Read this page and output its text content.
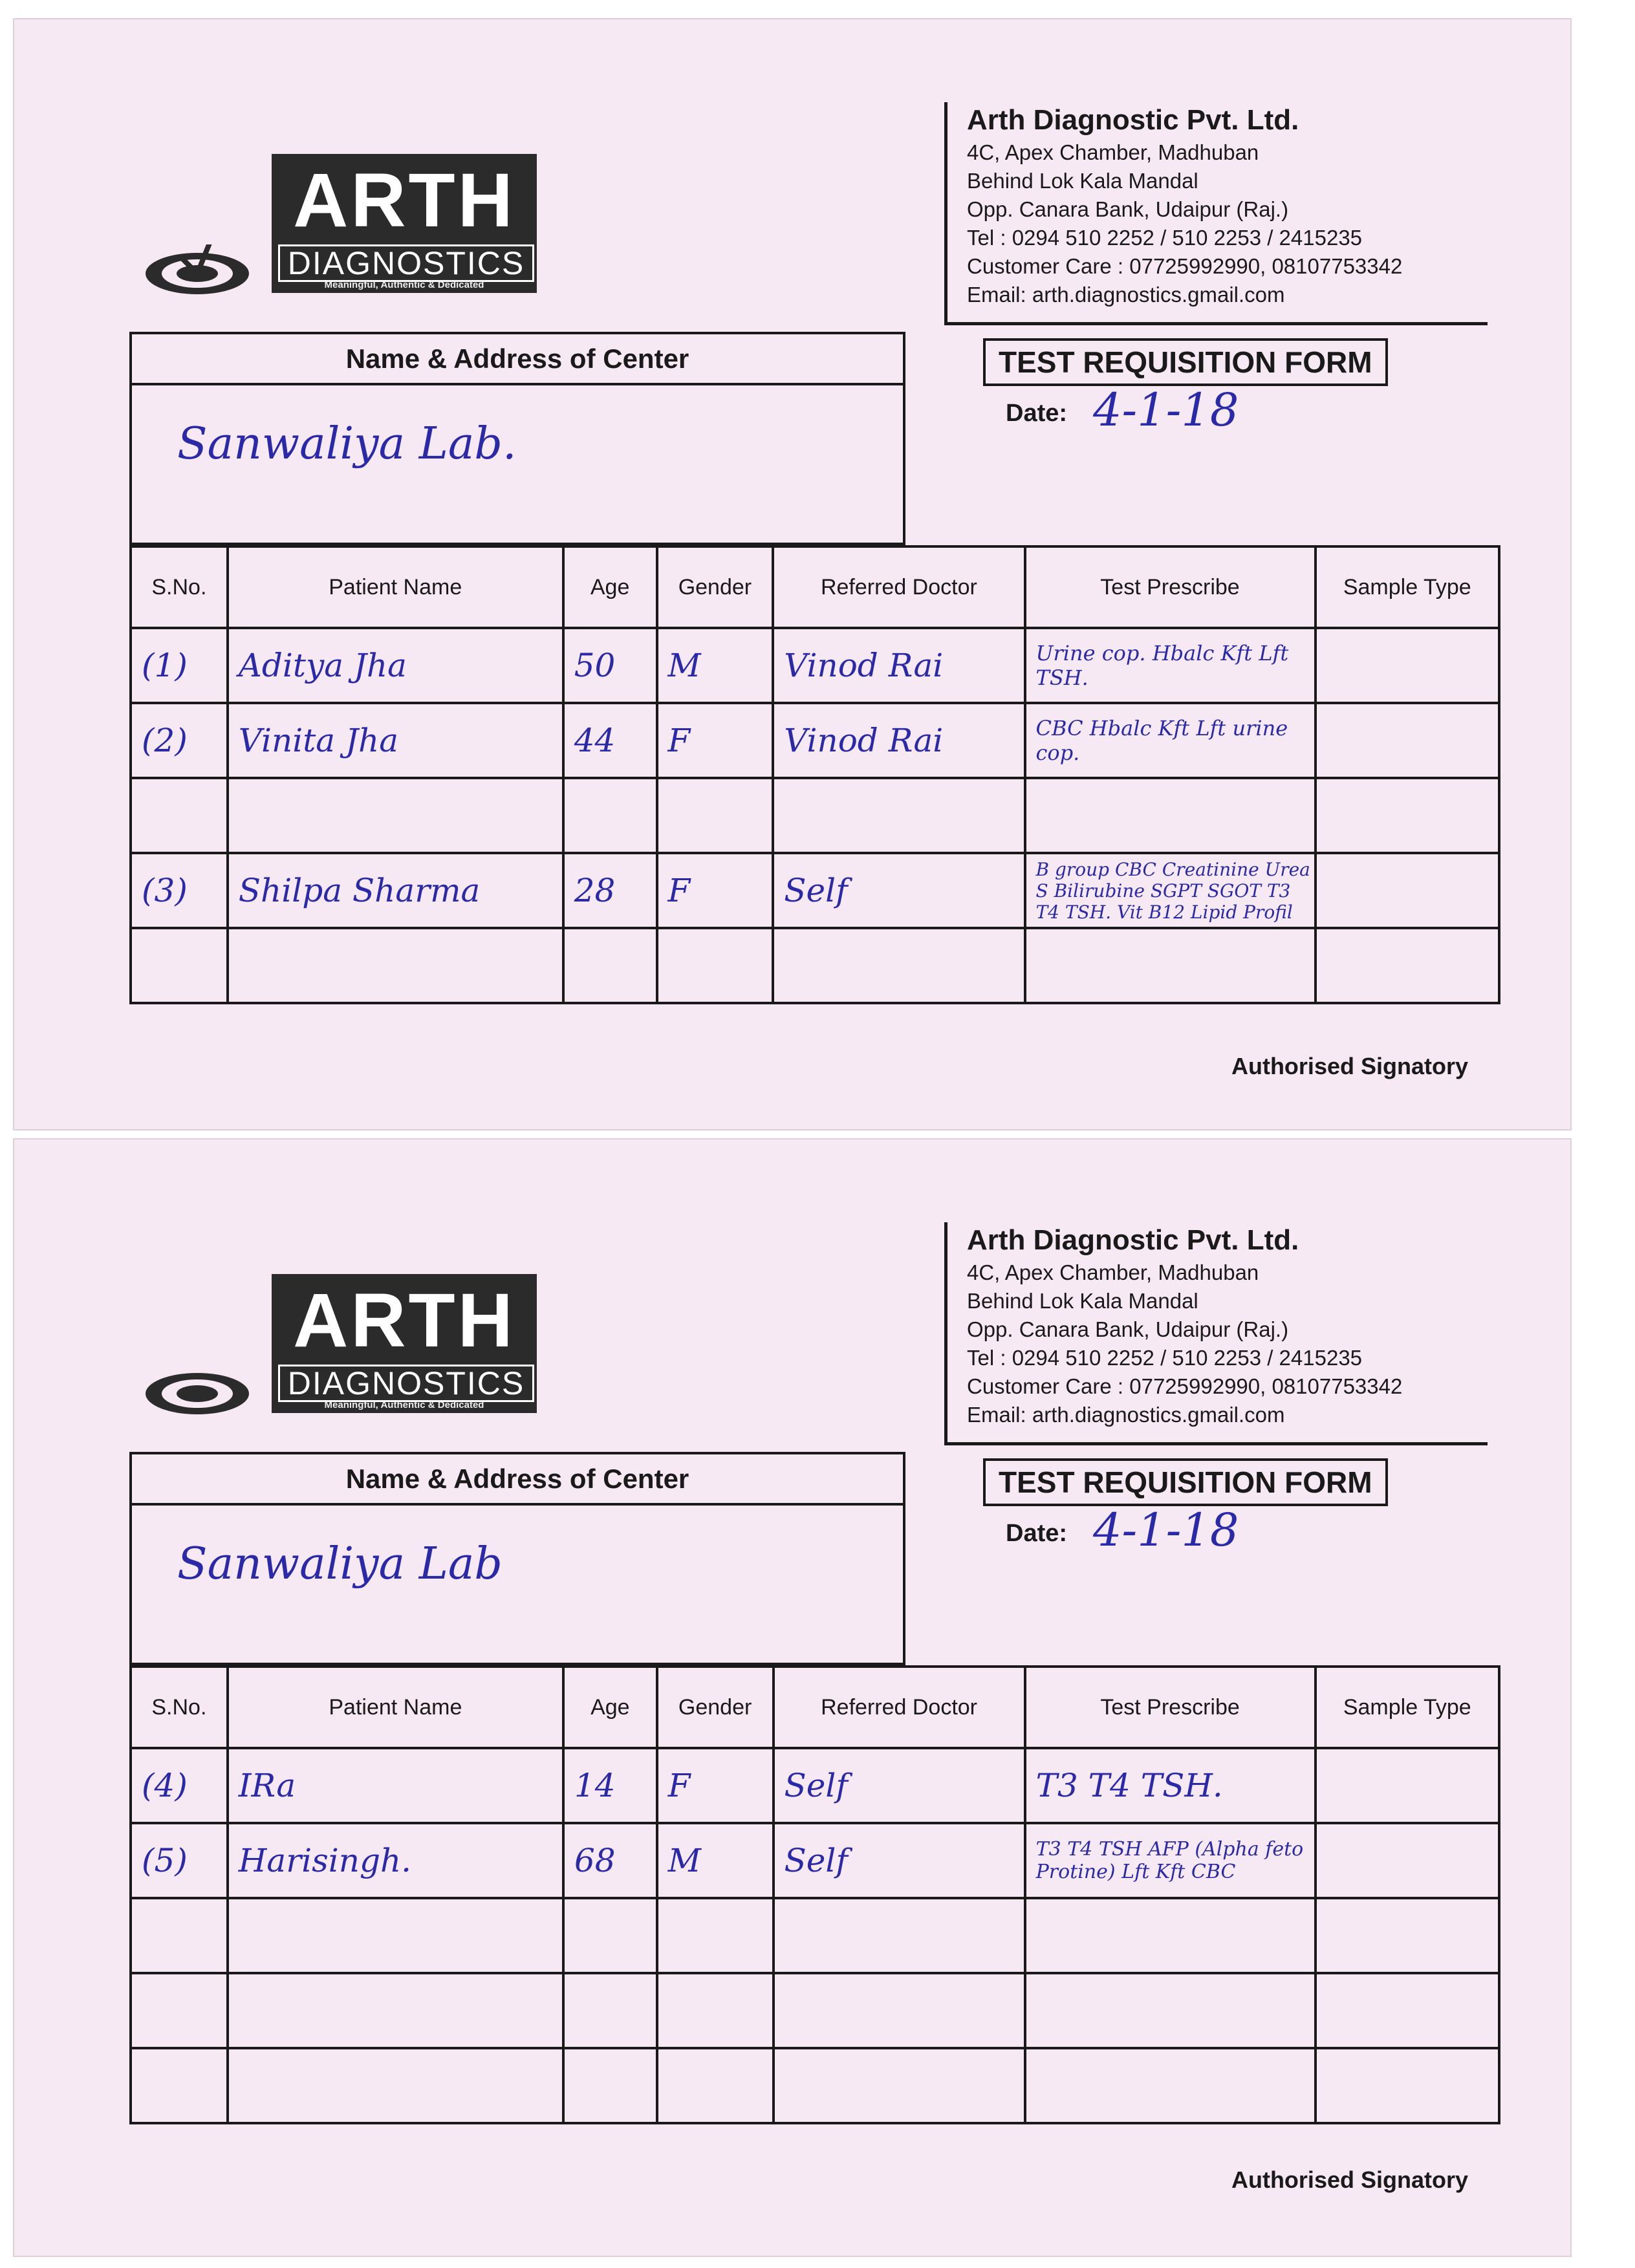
ARTH
DIAGNOSTICS
Meaningful, Authentic & Dedicated
Arth Diagnostic Pvt. Ltd.
4C, Apex Chamber, Madhuban
Behind Lok Kala Mandal
Opp. Canara Bank, Udaipur (Raj.)
Tel : 0294 510 2252 / 510 2253 / 2415235
Customer Care : 07725992990, 08107753342
Email: arth.diagnostics.gmail.com
Name & Address of Center
Sanwaliya Lab.
TEST REQUISITION FORM
Date: 4-1-18
S.No.	Patient Name	Age	Gender	Referred Doctor	Test Prescribe	Sample Type
(1)	Aditya Jha	50	M	Vinod Rai	Urine cop. Hbalc Kft Lft TSH.	
(2)	Vinita Jha	44	F	Vinod Rai	CBC Hbalc Kft Lft urine cop.	

(3)	Shilpa Sharma	28	F	Self	B group CBC Creatinine Urea S Bilirubine SGPT SGOT T3 T4 TSH. Vit B12 Lipid Profil	

Authorised Signatory
ARTH
DIAGNOSTICS
Meaningful, Authentic & Dedicated
Arth Diagnostic Pvt. Ltd.
4C, Apex Chamber, Madhuban
Behind Lok Kala Mandal
Opp. Canara Bank, Udaipur (Raj.)
Tel : 0294 510 2252 / 510 2253 / 2415235
Customer Care : 07725992990, 08107753342
Email: arth.diagnostics.gmail.com
Name & Address of Center
Sanwaliya Lab
TEST REQUISITION FORM
Date: 4-1-18
S.No.	Patient Name	Age	Gender	Referred Doctor	Test Prescribe	Sample Type
(4)	IRa	14	F	Self	T3 T4 TSH.	
(5)	Harisingh.	68	M	Self	T3 T4 TSH AFP (Alpha feto Protine) Lft Kft CBC	

Authorised Signatory
